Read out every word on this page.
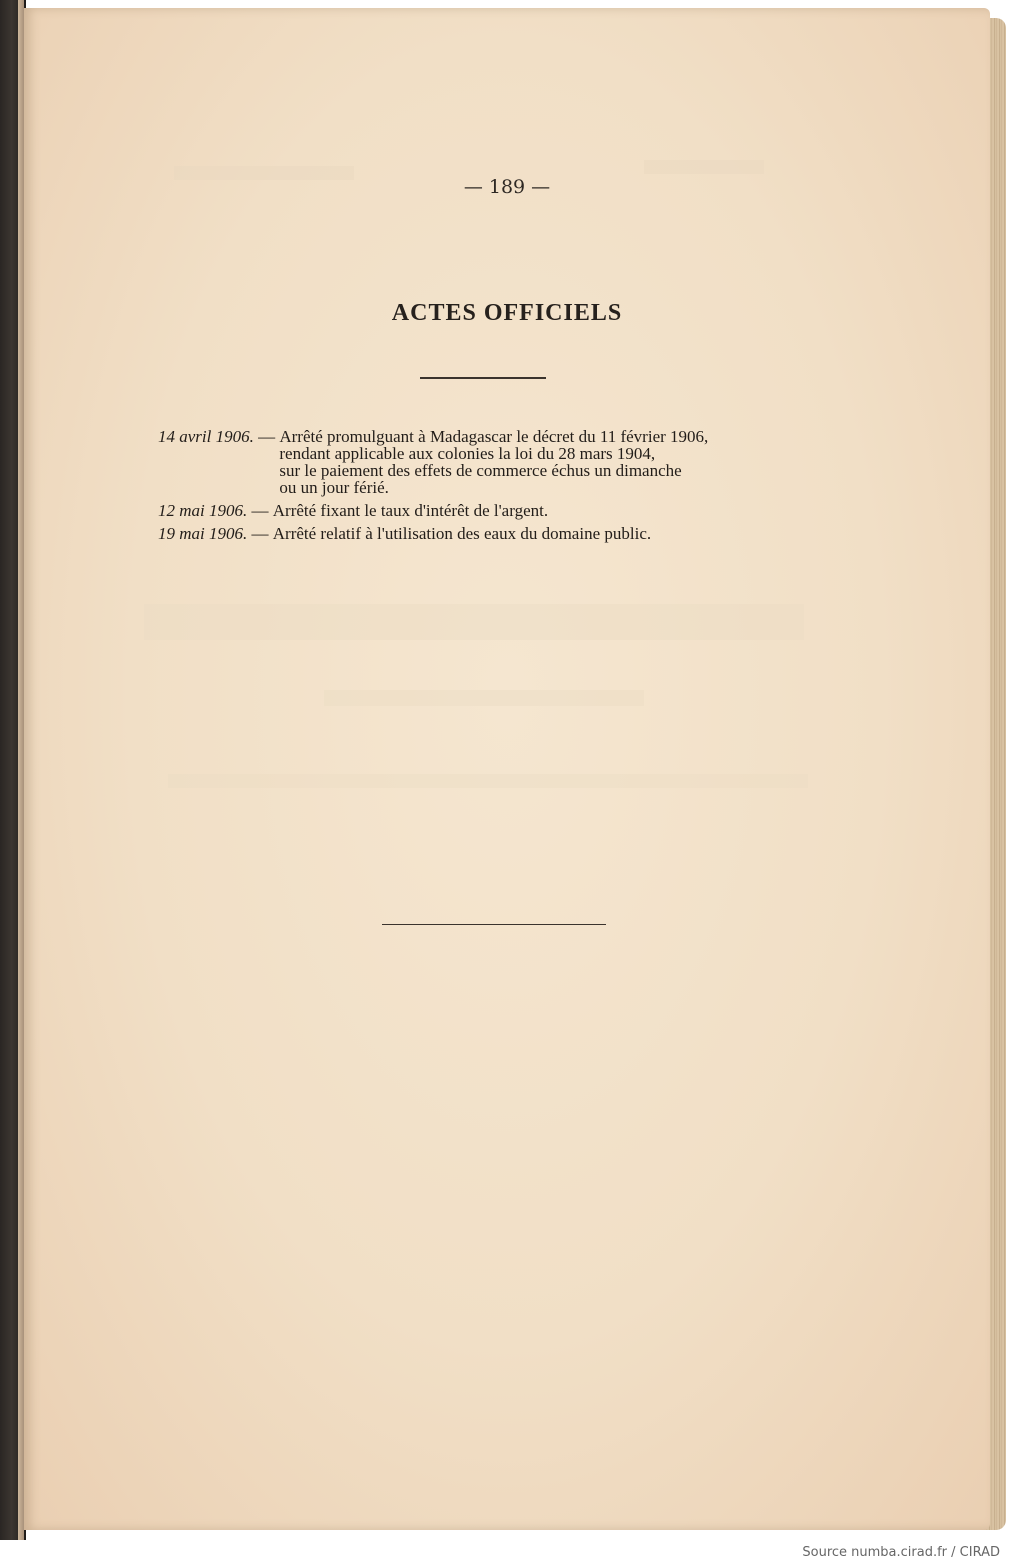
— 189 —
ACTES OFFICIELS
14 avril 1906. — Arrêté promulguant à Madagascar le décret du 11 février 1906,
rendant applicable aux colonies la loi du 28 mars 1904,
sur le paiement des effets de commerce échus un dimanche
ou un jour férié.
12 mai 1906. — Arrêté fixant le taux d'intérêt de l'argent.
19 mai 1906. — Arrêté relatif à l'utilisation des eaux du domaine public.
Source numba.cirad.fr / CIRAD
